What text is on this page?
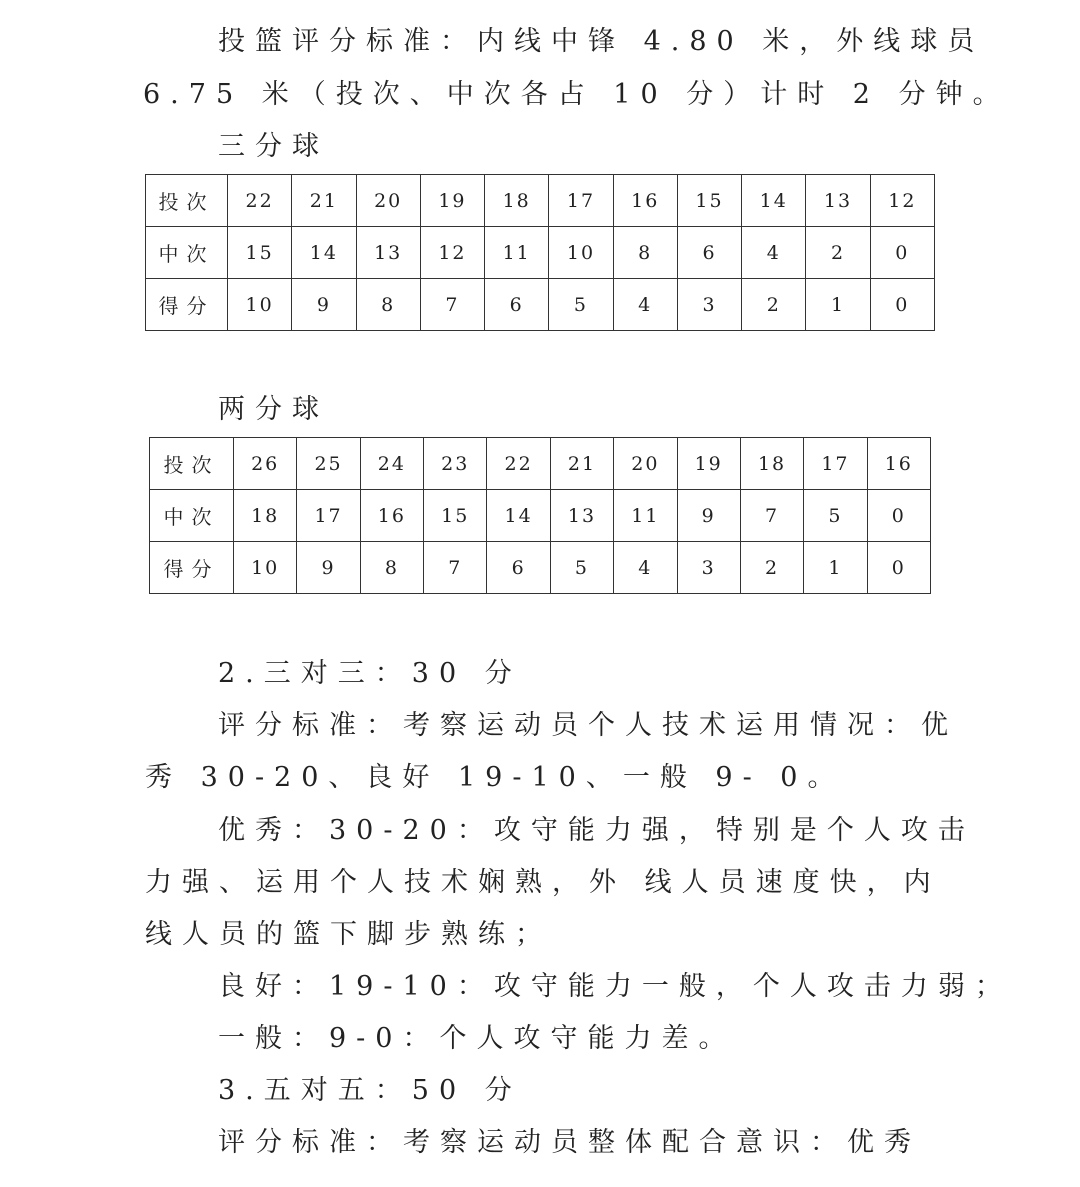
投篮评分标准：内线中锋 4.80 米，外线球员
6.75 米（投次、中次各占 10 分）计时 2 分钟。
三分球
投次	22	21	20	19	18	17	16	15	14	13	12
中次	15	14	13	12	11	10	8	6	4	2	0
得分	10	9	8	7	6	5	4	3	2	1	0
两分球
投次	26	25	24	23	22	21	20	19	18	17	16
中次	18	17	16	15	14	13	11	9	7	5	0
得分	10	9	8	7	6	5	4	3	2	1	0
2.三对三：30 分
评分标准：考察运动员个人技术运用情况：优
秀 30-20、良好 19-10、一般 9- 0。
优秀：30-20：攻守能力强，特别是个人攻击
力强、运用个人技术娴熟，外 线人员速度快，内
线人员的篮下脚步熟练；
良好：19-10：攻守能力一般，个人攻击力弱；
一般：9-0：个人攻守能力差。
3.五对五：50 分
评分标准：考察运动员整体配合意识：优秀
